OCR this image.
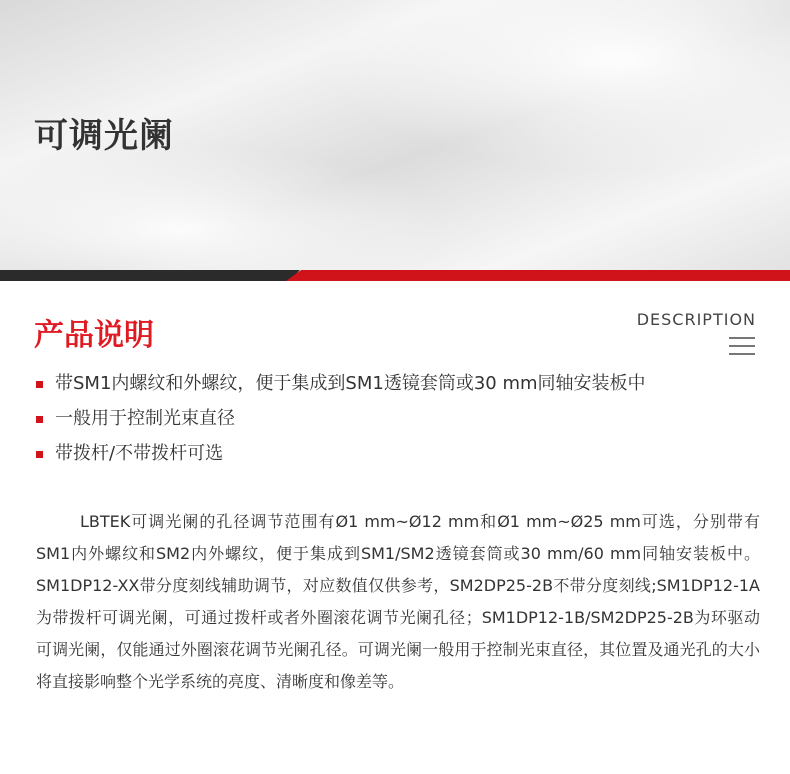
可调光阑
产品说明	DESCRIPTION
带SM1内螺纹和外螺纹，便于集成到SM1透镜套筒或30 mm同轴安装板中
一般用于控制光束直径
带拨杆/不带拨杆可选

LBTEK可调光阑的孔径调节范围有Ø1 mm~Ø12 mm和Ø1 mm~Ø25 mm可选，分别带有SM1内外螺纹和SM2内外螺纹，便于集成到SM1/SM2透镜套筒或30 mm/60 mm同轴安装板中。SM1DP12-XX带分度刻线辅助调节，对应数值仅供参考，SM2DP25-2B不带分度刻线;SM1DP12-1A为带拨杆可调光阑，可通过拨杆或者外圈滚花调节光阑孔径；SM1DP12-1B/SM2DP25-2B为环驱动可调光阑，仅能通过外圈滚花调节光阑孔径。可调光阑一般用于控制光束直径，其位置及通光孔的大小将直接影响整个光学系统的亮度、清晰度和像差等。
